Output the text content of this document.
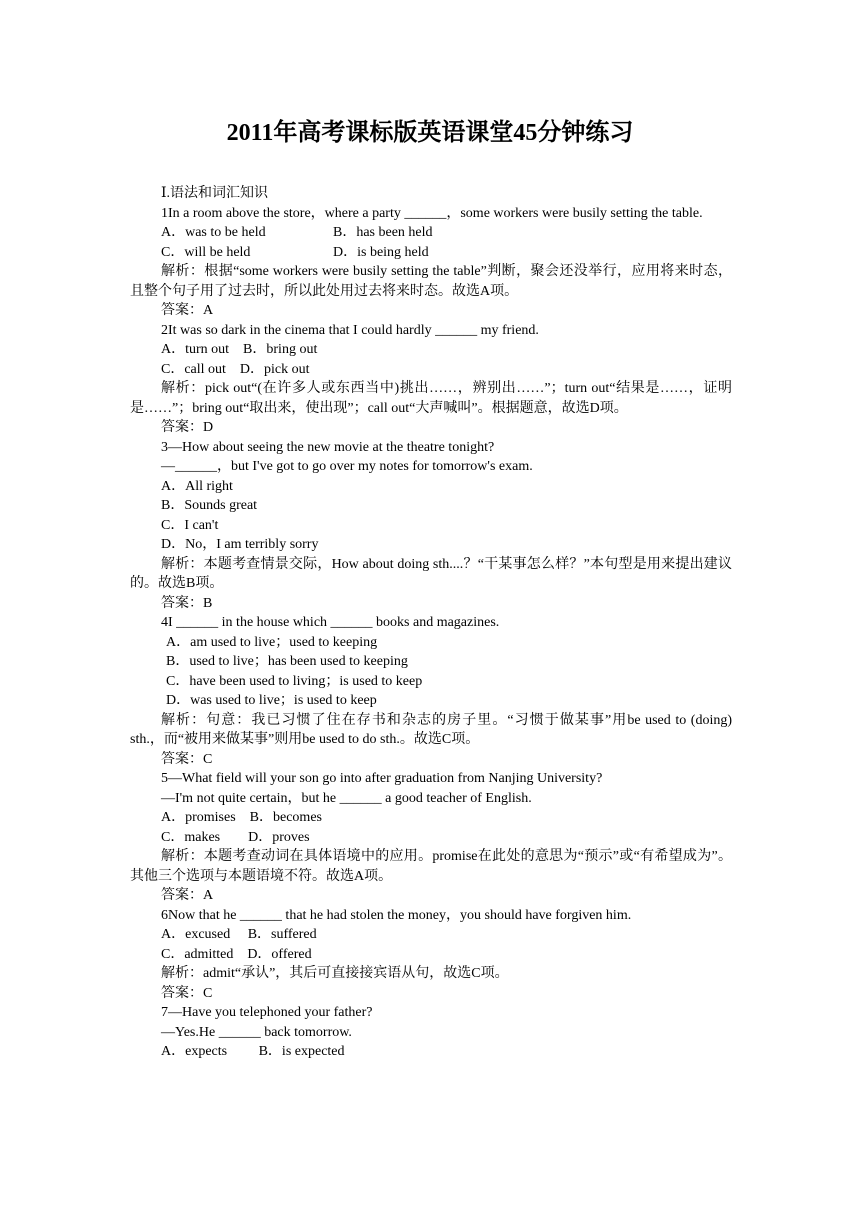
2011年高考课标版英语课堂45分钟练习
Ⅰ.语法和词汇知识
1In a room above the store，where a party ______，some workers were busily setting the table.
A．was to be held	B．has been held
C．will be held	D．is being held
解析：根据“some workers were busily setting the table”判断，聚会还没举行，应用将来时态，且整个句子用了过去时，所以此处用过去将来时态。故选A项。
答案：A
2It was so dark in the cinema that I could hardly ______ my friend.
A．turn out　B．bring out
C．call out　D．pick out
解析：pick out“(在许多人或东西当中)挑出……，辨别出……”；turn out“结果是……，证明是……”；bring out“取出来，使出现”；call out“大声喊叫”。根据题意，故选D项。
答案：D
3—How about seeing the new movie at the theatre tonight?
—______，but I've got to go over my notes for tomorrow's exam.
A．All right
B．Sounds great
C．I can't
D．No，I am terribly sorry
解析：本题考查情景交际，How about doing sth....？“干某事怎么样？”本句型是用来提出建议的。故选B项。
答案：B
4I ______ in the house which ______ books and magazines.
A．am used to live；used to keeping
B．used to live；has been used to keeping
C．have been used to living；is used to keep
D．was used to live；is used to keep
解析：句意：我已习惯了住在存书和杂志的房子里。“习惯于做某事”用be used to (doing) sth.，而“被用来做某事”则用be used to do sth.。故选C项。
答案：C
5—What field will your son go into after graduation from Nanjing University?
—I'm not quite certain，but he ______ a good teacher of English.
A．promises　B．becomes
C．makes　　D．proves
解析：本题考查动词在具体语境中的应用。promise在此处的意思为“预示”或“有希望成为”。其他三个选项与本题语境不符。故选A项。
答案：A
6Now that he ______ that he had stolen the money，you should have forgiven him.
A．excused　 B．suffered
C．admitted　D．offered
解析：admit“承认”，其后可直接接宾语从句，故选C项。
答案：C
7—Have you telephoned your father?
—Yes.He ______ back tomorrow.
A．expects　　 B．is expected
